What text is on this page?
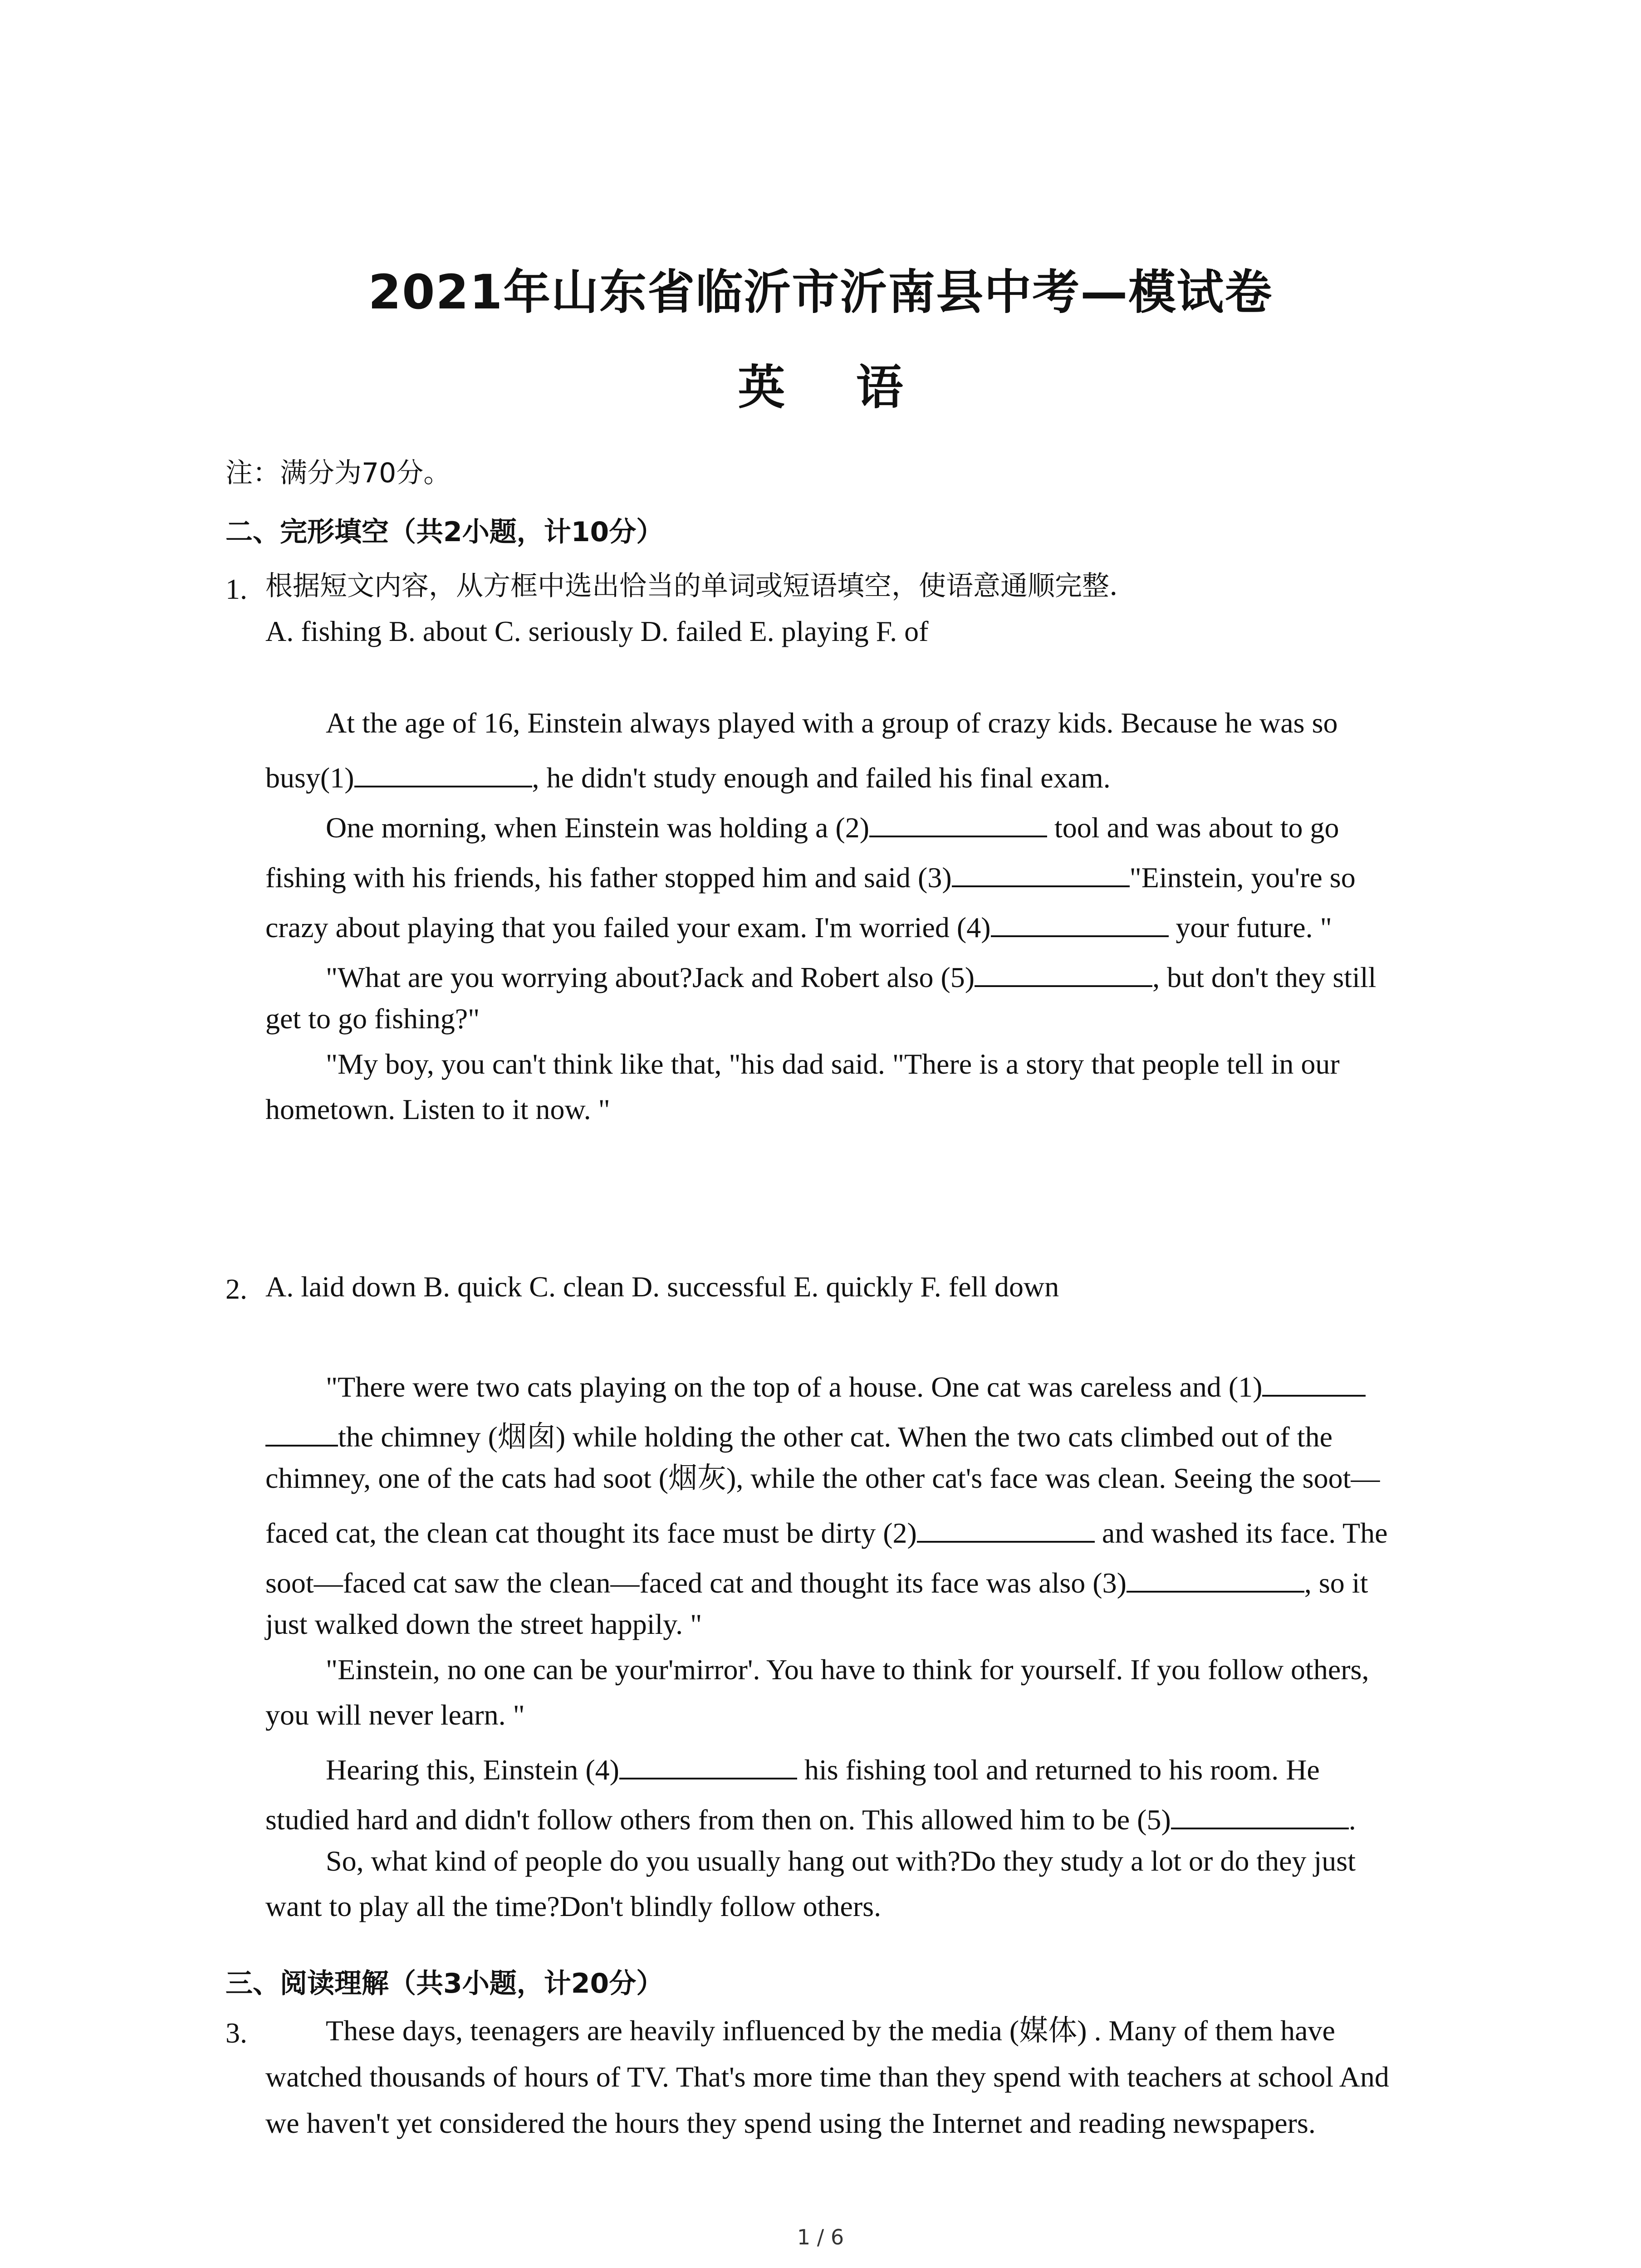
2021年山东省临沂市沂南县中考—模试卷
英 语
注：满分为70分。
二、完形填空（共2小题，计10分）
1. 根据短文内容，从方框中选出恰当的单词或短语填空，使语意通顺完整．
A. fishing B. about C. seriously D. failed E. playing F. of
At the age of 16, Einstein always played with a group of crazy kids. Because he was so
busy(1)	, he didn't study enough and failed his final exam.
One morning, when Einstein was holding a (2)	tool and was about to go
fishing with his friends, his father stopped him and said (3)	"Einstein, you're so
crazy about playing that you failed your exam. I'm worried (4)	your future. "
"What are you worrying about?Jack and Robert also (5)	, but don't they still
get to go fishing?"
"My boy, you can't think like that, "his dad said. "There is a story that people tell in our
hometown. Listen to it now. "
2. A. laid down B. quick C. clean D. successful E. quickly F. fell down
"There were two cats playing on the top of a house. One cat was careless and (1)
the chimney (烟囱) while holding the other cat. When the two cats climbed out of the
chimney, one of the cats had soot (烟灰), while the other cat's face was clean. Seeing the soot—
faced cat, the clean cat thought its face must be dirty (2)	and washed its face. The
soot—faced cat saw the clean—faced cat and thought its face was also (3)	, so it
just walked down the street happily. "
"Einstein, no one can be your'mirror'. You have to think for yourself. If you follow others,
you will never learn. "
Hearing this, Einstein (4)	his fishing tool and returned to his room. He
studied hard and didn't follow others from then on. This allowed him to be (5)	.
So, what kind of people do you usually hang out with?Do they study a lot or do they just
want to play all the time?Don't blindly follow others.
三、阅读理解（共3小题，计20分）
3.	These days, teenagers are heavily influenced by the media (媒体) . Many of them have
watched thousands of hours of TV. That's more time than they spend with teachers at school And
we haven't yet considered the hours they spend using the Internet and reading newspapers.
1 / 6
